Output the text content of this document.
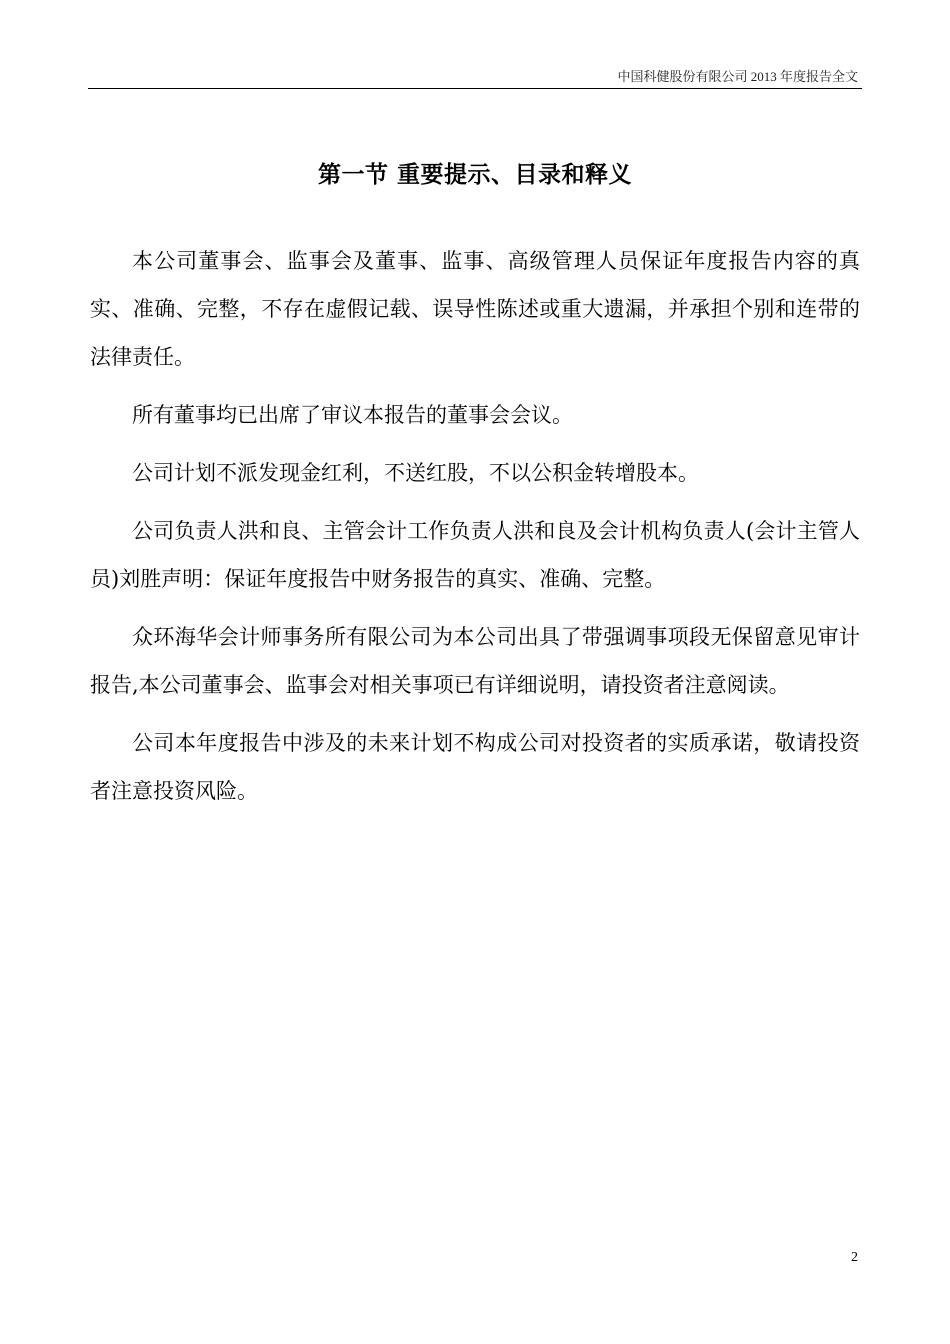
中国科健股份有限公司 2013 年度报告全文
第一节 重要提示、目录和释义

本公司董事会、监事会及董事、监事、高级管理人员保证年度报告内容的真实、准确、完整，不存在虚假记载、误导性陈述或重大遗漏，并承担个别和连带的法律责任。

所有董事均已出席了审议本报告的董事会会议。

公司计划不派发现金红利，不送红股，不以公积金转增股本。

公司负责人洪和良、主管会计工作负责人洪和良及会计机构负责人(会计主管人员)刘胜声明：保证年度报告中财务报告的真实、准确、完整。

众环海华会计师事务所有限公司为本公司出具了带强调事项段无保留意见审计报告,本公司董事会、监事会对相关事项已有详细说明，请投资者注意阅读。

公司本年度报告中涉及的未来计划不构成公司对投资者的实质承诺，敬请投资者注意投资风险。

2
